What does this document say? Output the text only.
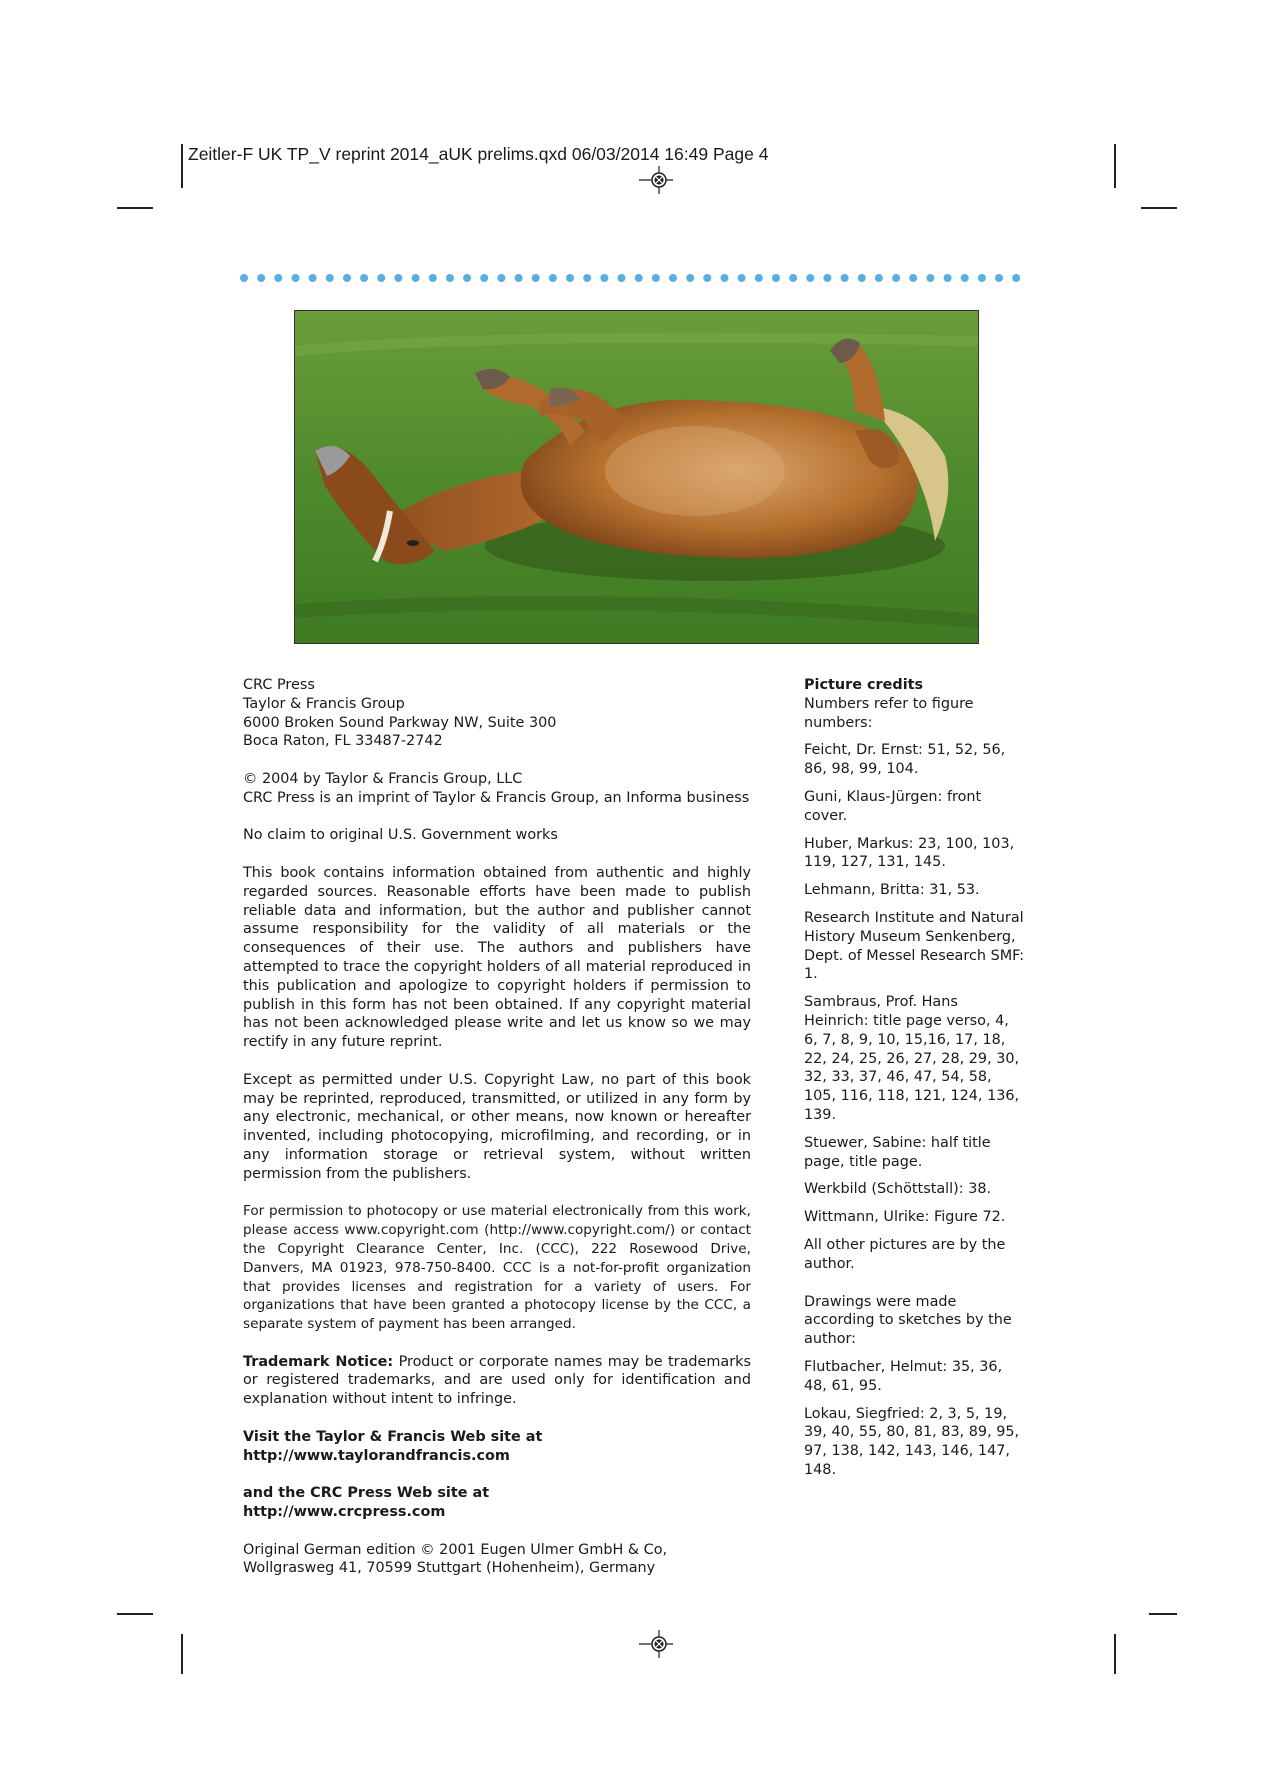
Zeitler-F UK TP_V reprint 2014_aUK prelims.qxd 06/03/2014 16:49 Page 4

CRC Press
Taylor & Francis Group
6000 Broken Sound Parkway NW, Suite 300
Boca Raton, FL 33487-2742

© 2004 by Taylor & Francis Group, LLC
CRC Press is an imprint of Taylor & Francis Group, an Informa business

No claim to original U.S. Government works

This book contains information obtained from authentic and highly regarded sources. Reasonable efforts have been made to publish reliable data and information, but the author and publisher cannot assume responsibility for the validity of all materials or the consequences of their use. The authors and publishers have attempted to trace the copyright holders of all material reproduced in this publication and apologize to copyright holders if permission to publish in this form has not been obtained. If any copyright material has not been acknowledged please write and let us know so we may rectify in any future reprint.

Except as permitted under U.S. Copyright Law, no part of this book may be reprinted, reproduced, transmitted, or utilized in any form by any electronic, mechanical, or other means, now known or hereafter invented, including photocopying, microfilming, and recording, or in any information storage or retrieval system, without written permission from the publishers.

For permission to photocopy or use material electronically from this work, please access www.copyright.com (http://www.copyright.com/) or contact the Copyright Clearance Center, Inc. (CCC), 222 Rosewood Drive, Danvers, MA 01923, 978-750-8400. CCC is a not-for-profit organization that provides licenses and registration for a variety of users. For organizations that have been granted a photocopy license by the CCC, a separate system of payment has been arranged.

Trademark Notice: Product or corporate names may be trademarks or registered trademarks, and are used only for identification and explanation without intent to infringe.

Visit the Taylor & Francis Web site at
http://www.taylorandfrancis.com

and the CRC Press Web site at
http://www.crcpress.com

Original German edition © 2001 Eugen Ulmer GmbH & Co,
Wollgrasweg 41, 70599 Stuttgart (Hohenheim), Germany

Picture credits

Numbers refer to figure numbers:

Feicht, Dr. Ernst: 51, 52, 56, 86, 98, 99, 104.

Guni, Klaus-Jürgen: front cover.

Huber, Markus: 23, 100, 103, 119, 127, 131, 145.

Lehmann, Britta: 31, 53.

Research Institute and Natural History Museum Senkenberg, Dept. of Messel Research SMF: 1.

Sambraus, Prof. Hans Heinrich: title page verso, 4, 6, 7, 8, 9, 10, 15,16, 17, 18, 22, 24, 25, 26, 27, 28, 29, 30, 32, 33, 37, 46, 47, 54, 58, 105, 116, 118, 121, 124, 136, 139.

Stuewer, Sabine: half title page, title page.

Werkbild (Schöttstall): 38.

Wittmann, Ulrike: Figure 72.

All other pictures are by the author.

Drawings were made according to sketches by the author:

Flutbacher, Helmut: 35, 36, 48, 61, 95.

Lokau, Siegfried: 2, 3, 5, 19, 39, 40, 55, 80, 81, 83, 89, 95, 97, 138, 142, 143, 146, 147, 148.
